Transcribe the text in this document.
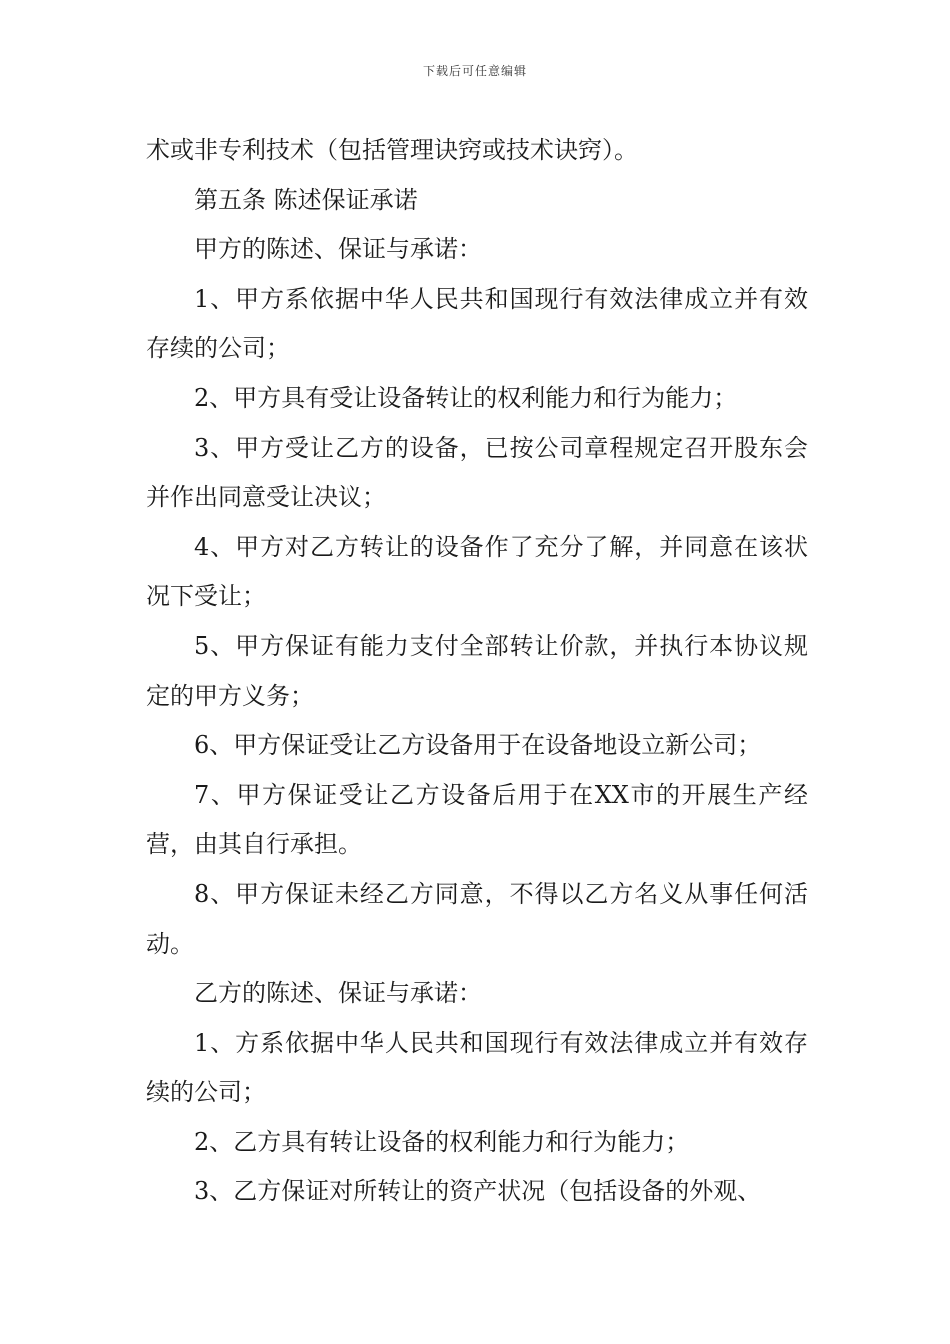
下载后可任意编辑

术或非专利技术（包括管理诀窍或技术诀窍）。

第五条 陈述保证承诺

甲方的陈述、保证与承诺：

1、甲方系依据中华人民共和国现行有效法律成立并有效存续的公司；

2、甲方具有受让设备转让的权利能力和行为能力；

3、甲方受让乙方的设备，已按公司章程规定召开股东会并作出同意受让决议；

4、甲方对乙方转让的设备作了充分了解，并同意在该状况下受让；

5、甲方保证有能力支付全部转让价款，并执行本协议规定的甲方义务；

6、甲方保证受让乙方设备用于在设备地设立新公司；

7、甲方保证受让乙方设备后用于在XX市的开展生产经营，由其自行承担。

8、甲方保证未经乙方同意，不得以乙方名义从事任何活动。

乙方的陈述、保证与承诺：

1、方系依据中华人民共和国现行有效法律成立并有效存续的公司；

2、乙方具有转让设备的权利能力和行为能力；

3、乙方保证对所转让的资产状况（包括设备的外观、
